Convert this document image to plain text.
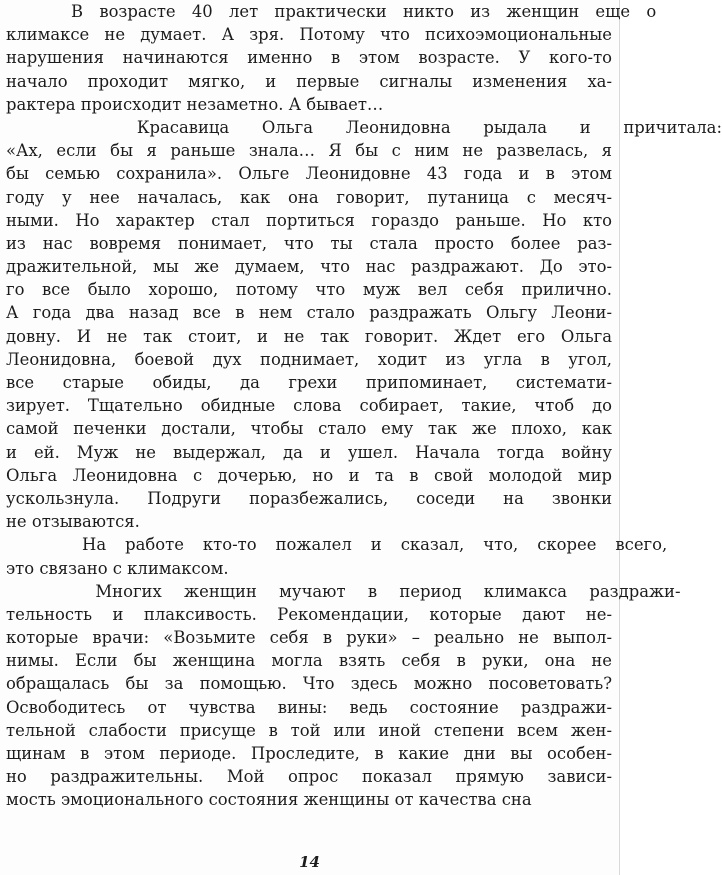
В возрасте 40 лет практически никто из женщин еще о
климаксе не думает. А зря. Потому что психоэмоциональные
нарушения начинаются именно в этом возрасте. У кого-то
начало проходит мягко, и первые сигналы изменения ха-
рактера происходит незаметно. А бывает…
Красавица Ольга Леонидовна рыдала и причитала:
«Ах, если бы я раньше знала… Я бы с ним не развелась, я
бы семью сохранила». Ольге Леонидовне 43 года и в этом
году у нее началась, как она говорит, путаница с месяч-
ными. Но характер стал портиться гораздо раньше. Но кто
из нас вовремя понимает, что ты стала просто более раз-
дражительной, мы же думаем, что нас раздражают. До это-
го все было хорошо, потому что муж вел себя прилично.
А года два назад все в нем стало раздражать Ольгу Леони-
довну. И не так стоит, и не так говорит. Ждет его Ольга
Леонидовна, боевой дух поднимает, ходит из угла в угол,
все старые обиды, да грехи припоминает, системати-
зирует. Тщательно обидные слова собирает, такие, чтоб до
самой печенки достали, чтобы стало ему так же плохо, как
и ей. Муж не выдержал, да и ушел. Начала тогда войну
Ольга Леонидовна с дочерью, но и та в свой молодой мир
ускользнула. Подруги поразбежались, соседи на звонки
не отзываются.
На работе кто-то пожалел и сказал, что, скорее всего,
это связано с климаксом.
Многих женщин мучают в период климакса раздражи-
тельность и плаксивость. Рекомендации, которые дают не-
которые врачи: «Возьмите себя в руки» – реально не выпол-
нимы. Если бы женщина могла взять себя в руки, она не
обращалась бы за помощью. Что здесь можно посоветовать?
Освободитесь от чувства вины: ведь состояние раздражи-
тельной слабости присуще в той или иной степени всем жен-
щинам в этом периоде. Проследите, в какие дни вы особен-
но раздражительны. Мой опрос показал прямую зависи-
мость эмоционального состояния женщины от качества сна
14
